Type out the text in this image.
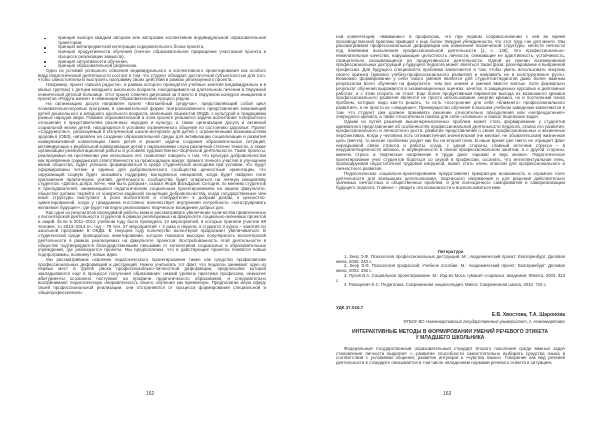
принцип выбора каждым автором или авторским коллективом индивидуальной образовательной траектории,
принцип метапредметной интеграции содержательного блока проекта,
принцип продуктивности обучения (личное образовательное приращение участников проекта в процессе реализации замысла),
принцип ситуативности обучения,
принцип образовательной рефлексии.

Одно из условий успешного освоения индивидуального и коллективного проектирования как особого вида педагогической деятельности состоит в том, что студент обладает достаточной субъектностью для того, чтобы самостоятельно выстроить программу своих действий в рамках реализуемого проекта.

Например, проект «Школа радости», в рамках которого проводятся учебные занятия (индивидуально и в малых группах) с детьми младшего школьного возраста, находящимися на длительном лечении в Окружной клинической детской больнице. Этот проект отмечен дипломом за 3 место в Окружном конкурсе инициатив и проектов «Радуга жизни» в номинации Образовательный процесс рядом.

На организацию досуга направлен проект «Волшебный сундучок», представляющий собой цикл познавательно-игровых программ, в занимательной форме театрализованного представления знакомящий детей дошкольного и младшего школьного возраста, маленьких пациентов ОКДБ, с культурой и традициями разных народов мира. Помимо образовательной в этом проекте решаются задачи воспитания толерантного отношения к представителям различных народов и культур, а также организации досуга и активной социальной жизни детей, находящихся в условиях ограниченного общения по состоянию здоровья. Проект «Содружество», реализуемый в Излучинской школе-интернате для детей с ограниченными возможностями здоровья (ОВЗ), направлен на создание образовательной среды для активизации социализации и развития коммуникативной компетенции таких детей и решает задачи создания образовательных ситуаций, мотивирующих к вербальной коммуникации детей с нарушениями слуха различной степени тяжести, а также организации реабилитационной работы в условиях художественно-творческой деятельности. Такие проекты, реализуемые на протяжении уже нескольких лет, позволяют говорить о том, что культура добровольчества как проявление гражданской ответственности за происходящее вокруг, прямого личного участия в улучшении жизни общества, будет успешно формироваться в среде студенческой молодежи при условии, что будут сформированы четкие и единые для добровольческого сообщества ценностные ориентации, что окружающий социум будет оказывать поддержку молодежных инициатив, когда будет найдено поле приложения практических усилий, деятельность сообщества будет опираться на личную инициативу студентов. «Делать добро легче, чем быть добрым», сказал Жорж Вольфром. Сегодня, по мнению студентов и преподавателей, занимающихся педагогическим социальным проектированием на нашем факультете, общество должно перейти от конкретно-заданной концепции добровольчества, когда государственные или иные структуры выступают в роли воспитателя и «побудителя» к добрым делам, к ценностно-ориентированной, когда у гражданина постоянно наличествует внутренняя потребность «конструировать желаемое будущее», где будет наглядно реализовано творческое вхождение добрых дел.

Как один из результатов проводимой работы можно рассматривать увеличение количества привлеченных к волонтерской деятельности студентов в рамках реализуемых на факультете социально-значимых проектов и акций. Если в 2011–2012 учебном году было проведено 13 мероприятий, в которых приняли участие 58 человек, то 2013–2014 уч. год – 78 чел. 27 мероприятий + 2 раза в неделю 4 студента 3 курса – занятия по школьной программе в ОКДБ. В текущем году количество волонтеров продолжает увеличиваться. В студенческой среде проводилось анкетирование, которое показало высокую популярность волонтерской деятельности в рамках реализуемых на факультете проектов. Востребованность этой деятельности в обществе подтверждается благодарственными письмами от коллективов социальных и образовательных учреждений, где реализуются проекты. Мы предполагаем, что в действующих проектах появятся новые подпрограммы, возникнут новые идеи.

Мы рассматриваем освоение педагогического проектирования также как средство профилактики профессиональных деформаций и деструкций. Нужно учитывать тот факт, что педагоги занимают одно из первых мест в группе риска профессионально-личностной деформации, предпосылки которой закладываются еще в процессе получения образования: низкий уровень престижа профессии, немногие абитуриенты осознанно поступают на профили педагогического образования, и следовательно воспринимают педагогическую направленность своего обучения как временную. Предполагая иную сферу своей профессиональной реализации, они отстраняются от процесса формирования специальной и общепрофессиональ-

162

ной компетенций, «вживанию» в профессию, что при первом соприкосновении с ней во время производственной практики приводит к еще более твердой убежденности, что этот труд «не для меня». Мы рассматриваем профессиональные деформации как изменения психической структуры, качеств личности под влиянием выполнения профессиональной деятельности [1, с. 146]. Это профессионально-нежелательные качества, нарушающие целостность личности, снижающие ее адаптивность, устойчивость, отрицательно сказывающиеся на продуктивности деятельности. Одной из причин возникновения профессиональных деструкций у будущего педагога может являться такая фаза: разочарование в выбранной профессии. Для будущего специалиста проблема заключается в том, чтобы уметь использовать энергию своего кризиса (кризиса учебно-профессионального развития) и направить ее в конструктивное русло. Возможно формирование у себя такого умения является для студентов-педагогов даже более важным результатом всего обучения на факультете, чем все знания и умения вместе взятые. Хотя формально результат обучения выражается в экзаменационных оценках, зачетах, в защищенных курсовых и дипломных работах, и с этим спорить не стоит. Еще более продуктивным вариантом выхода из возможного кризиса профессионального развития является не просто использование энергии кризиса, но и постоянный поиск проблем, которые надо как-то решать, то есть «построение для себя «ближнего» профессионального развития», а не просто их «ожидание». Преимущество обучения в высшем учебном заведении заключается в том, что студент сам должен принимать решение относительно преодоления или «непреодоления» очередного кризиса, а также относительно поиска для себя «сложных» и новых творческих задач.

Одним из путей решения вышеперечисленных проблем может стать формирование у студентов адекватного представления об особенностях профессиональной деятельности педагога, этапах его развития, профессионального и личностного роста, развитие представлений о своих профессиональных и жизненных перспективах. Когда у человека есть оптимистичная значительная (не мелкая, не обывательская) жизненная цель (мечта), то многие проблемы уходят как бы на второй план. В наше время уже никто не отрицает факт неразрывной связи стресса и работы, когда, с одной стороны, главный источник стресса – в неудовлетворенности жизнью, в неуверенности в своем профессиональном занятии, а с другой стороны, именно стресс и творческое напряжение в труде дают «аромат и вкус жизни». Педагогическое проектирование учит студентов бороться со скукой в профессии, осознать, что интеллектуальная лень, провоцируемая недостаточной трудовой нагрузкой, может стать очень опасной для профессионального и личностного развития.

Педагогическое социально-проектирование предоставляет прекрасную возможность и огромное поле деятельности для всевышних целеполагания, творческого напряжения и для решения действительно значимых личностных и общественных проблем, и для полноценного саморазвития и самореализации будущего педагога. Главное – увидеть эти возможности и воспользоваться ими.

Литература

1. Зеер Э.Ф. Психология профессиональных деструкций. М.: Академический проект; Екатеринбург: Деловая книга, 2005. 240 с.

2. Зеер Э.Ф. Психология профессий: Учебное пособие. М.: Академический проект; Екатеринбург: Деловая книга, 2003. 336 с.

3. Пусев В.А. Социальное проектирование. М.: Изд-во Моск. гуманит.-социальн. академии: Флинта, 2003. 323 с.

4. Рапацевич Е.С. Педагогика. Современная энциклопедия. Минск: Современная школа, 2010. 720 с.

УДК 37.016.7
Е.В. Хвостова, Т.А. Шаронова
ФГБОУ ВО Нижневартовский государственный университет, г. Нижневартовск
ИНТЕРАКТИВНЫЕ МЕТОДЫ В ФОРМИРОВАНИИ УМЕНИЙ РЕЧЕВОГО ЭТИКЕТА У МЛАДШЕГО ШКОЛЬНИКА

Федеральный государственный образовательный стандарт второго поколения среди важных задач становления личности выделяет «...развитие способности самостоятельно выбирать средства языка в соответствии с условиями общения, развитие интуиции и «чувства языка». Говорение как вид речевой деятельности в стандарте описывается в том числе овладением нормами речевого этикета в ситуациях

163
